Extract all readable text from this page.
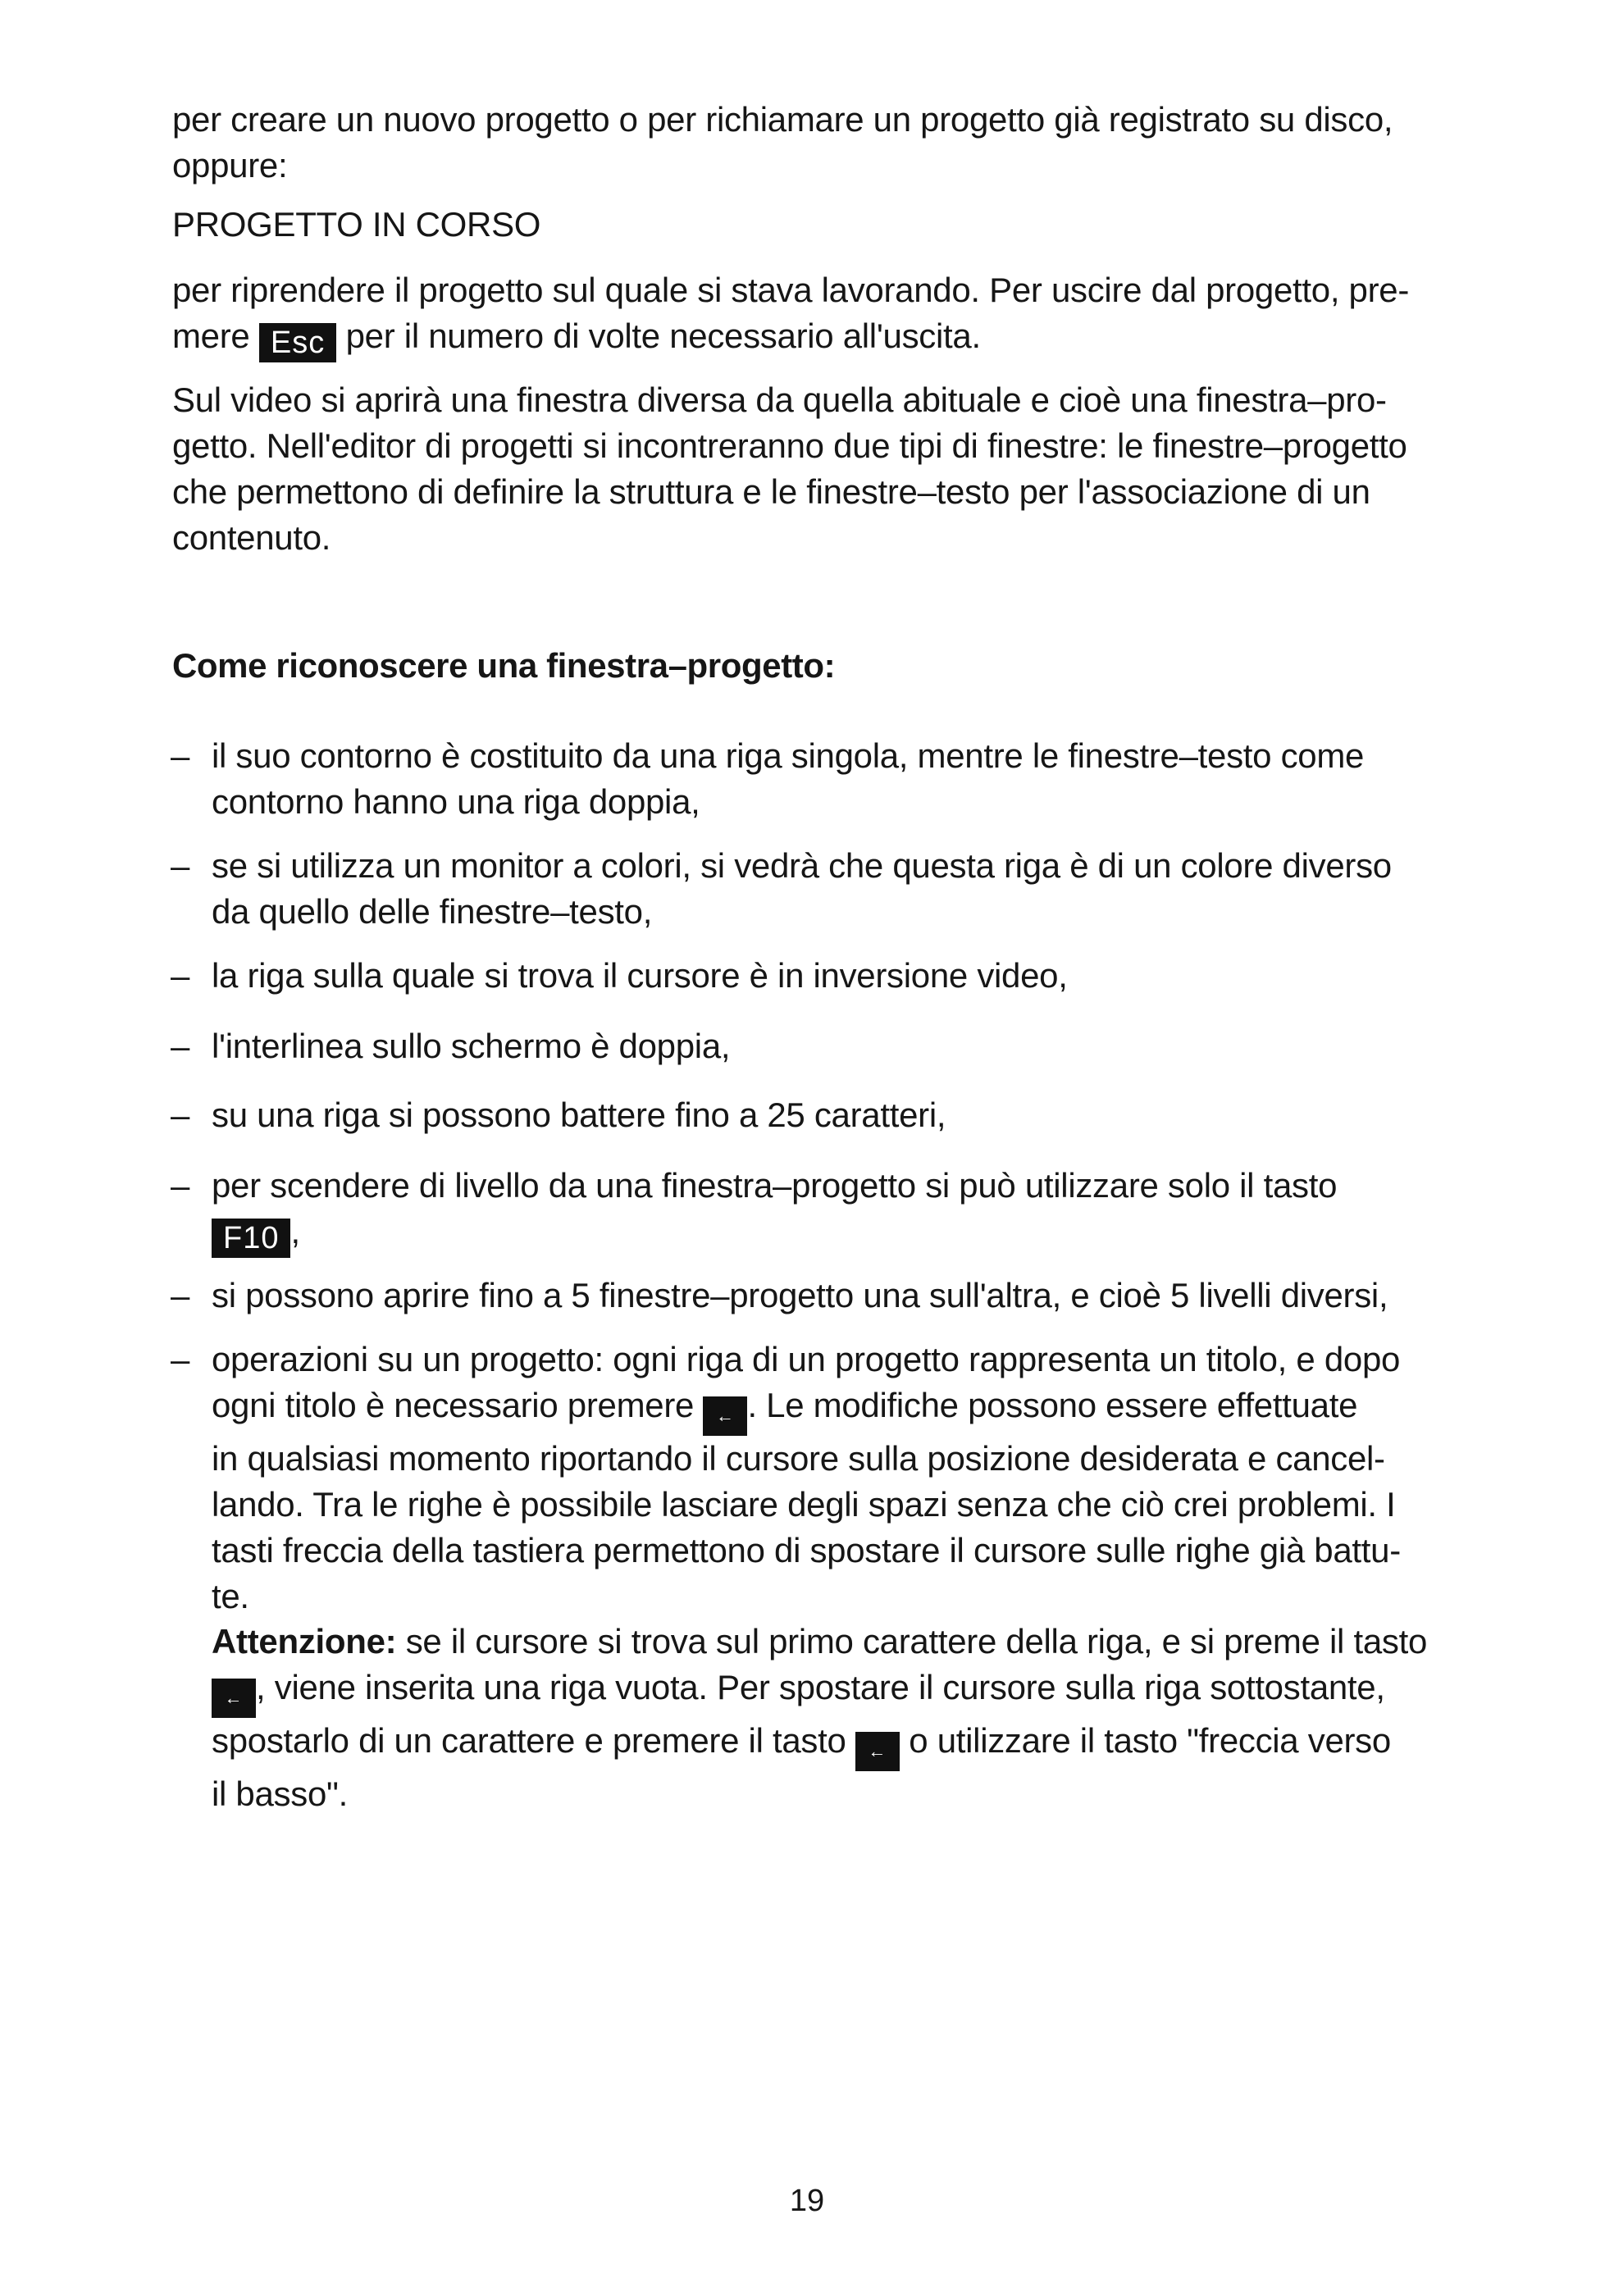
per creare un nuovo progetto o per richiamare un progetto già registrato su disco,
oppure:

PROGETTO IN CORSO

per riprendere il progetto sul quale si stava lavorando. Per uscire dal progetto, pre-
mere Esc per il numero di volte necessario all'uscita.

Sul video si aprirà una finestra diversa da quella abituale e cioè una finestra–pro-
getto. Nell'editor di progetti si incontreranno due tipi di finestre: le finestre–progetto
che permettono di definire la struttura e le finestre–testo per l'associazione di un
contenuto.

Come riconoscere una finestra–progetto:

– il suo contorno è costituito da una riga singola, mentre le finestre–testo come
contorno hanno una riga doppia,
– se si utilizza un monitor a colori, si vedrà che questa riga è di un colore diverso
da quello delle finestre–testo,
– la riga sulla quale si trova il cursore è in inversione video,
– l'interlinea sullo schermo è doppia,
– su una riga si possono battere fino a 25 caratteri,
– per scendere di livello da una finestra–progetto si può utilizzare solo il tasto
F10 ,
– si possono aprire fino a 5 finestre–progetto una sull'altra, e cioè 5 livelli diversi,
– operazioni su un progetto: ogni riga di un progetto rappresenta un titolo, e dopo
ogni titolo è necessario premere ← . Le modifiche possono essere effettuate
in qualsiasi momento riportando il cursore sulla posizione desiderata e cancel-
lando. Tra le righe è possibile lasciare degli spazi senza che ciò crei problemi. I
tasti freccia della tastiera permettono di spostare il cursore sulle righe già battu-
te.

Attenzione: se il cursore si trova sul primo carattere della riga, e si preme il tasto
← , viene inserita una riga vuota. Per spostare il cursore sulla riga sottostante,
spostarlo di un carattere e premere il tasto ← o utilizzare il tasto "freccia verso
il basso".

19
